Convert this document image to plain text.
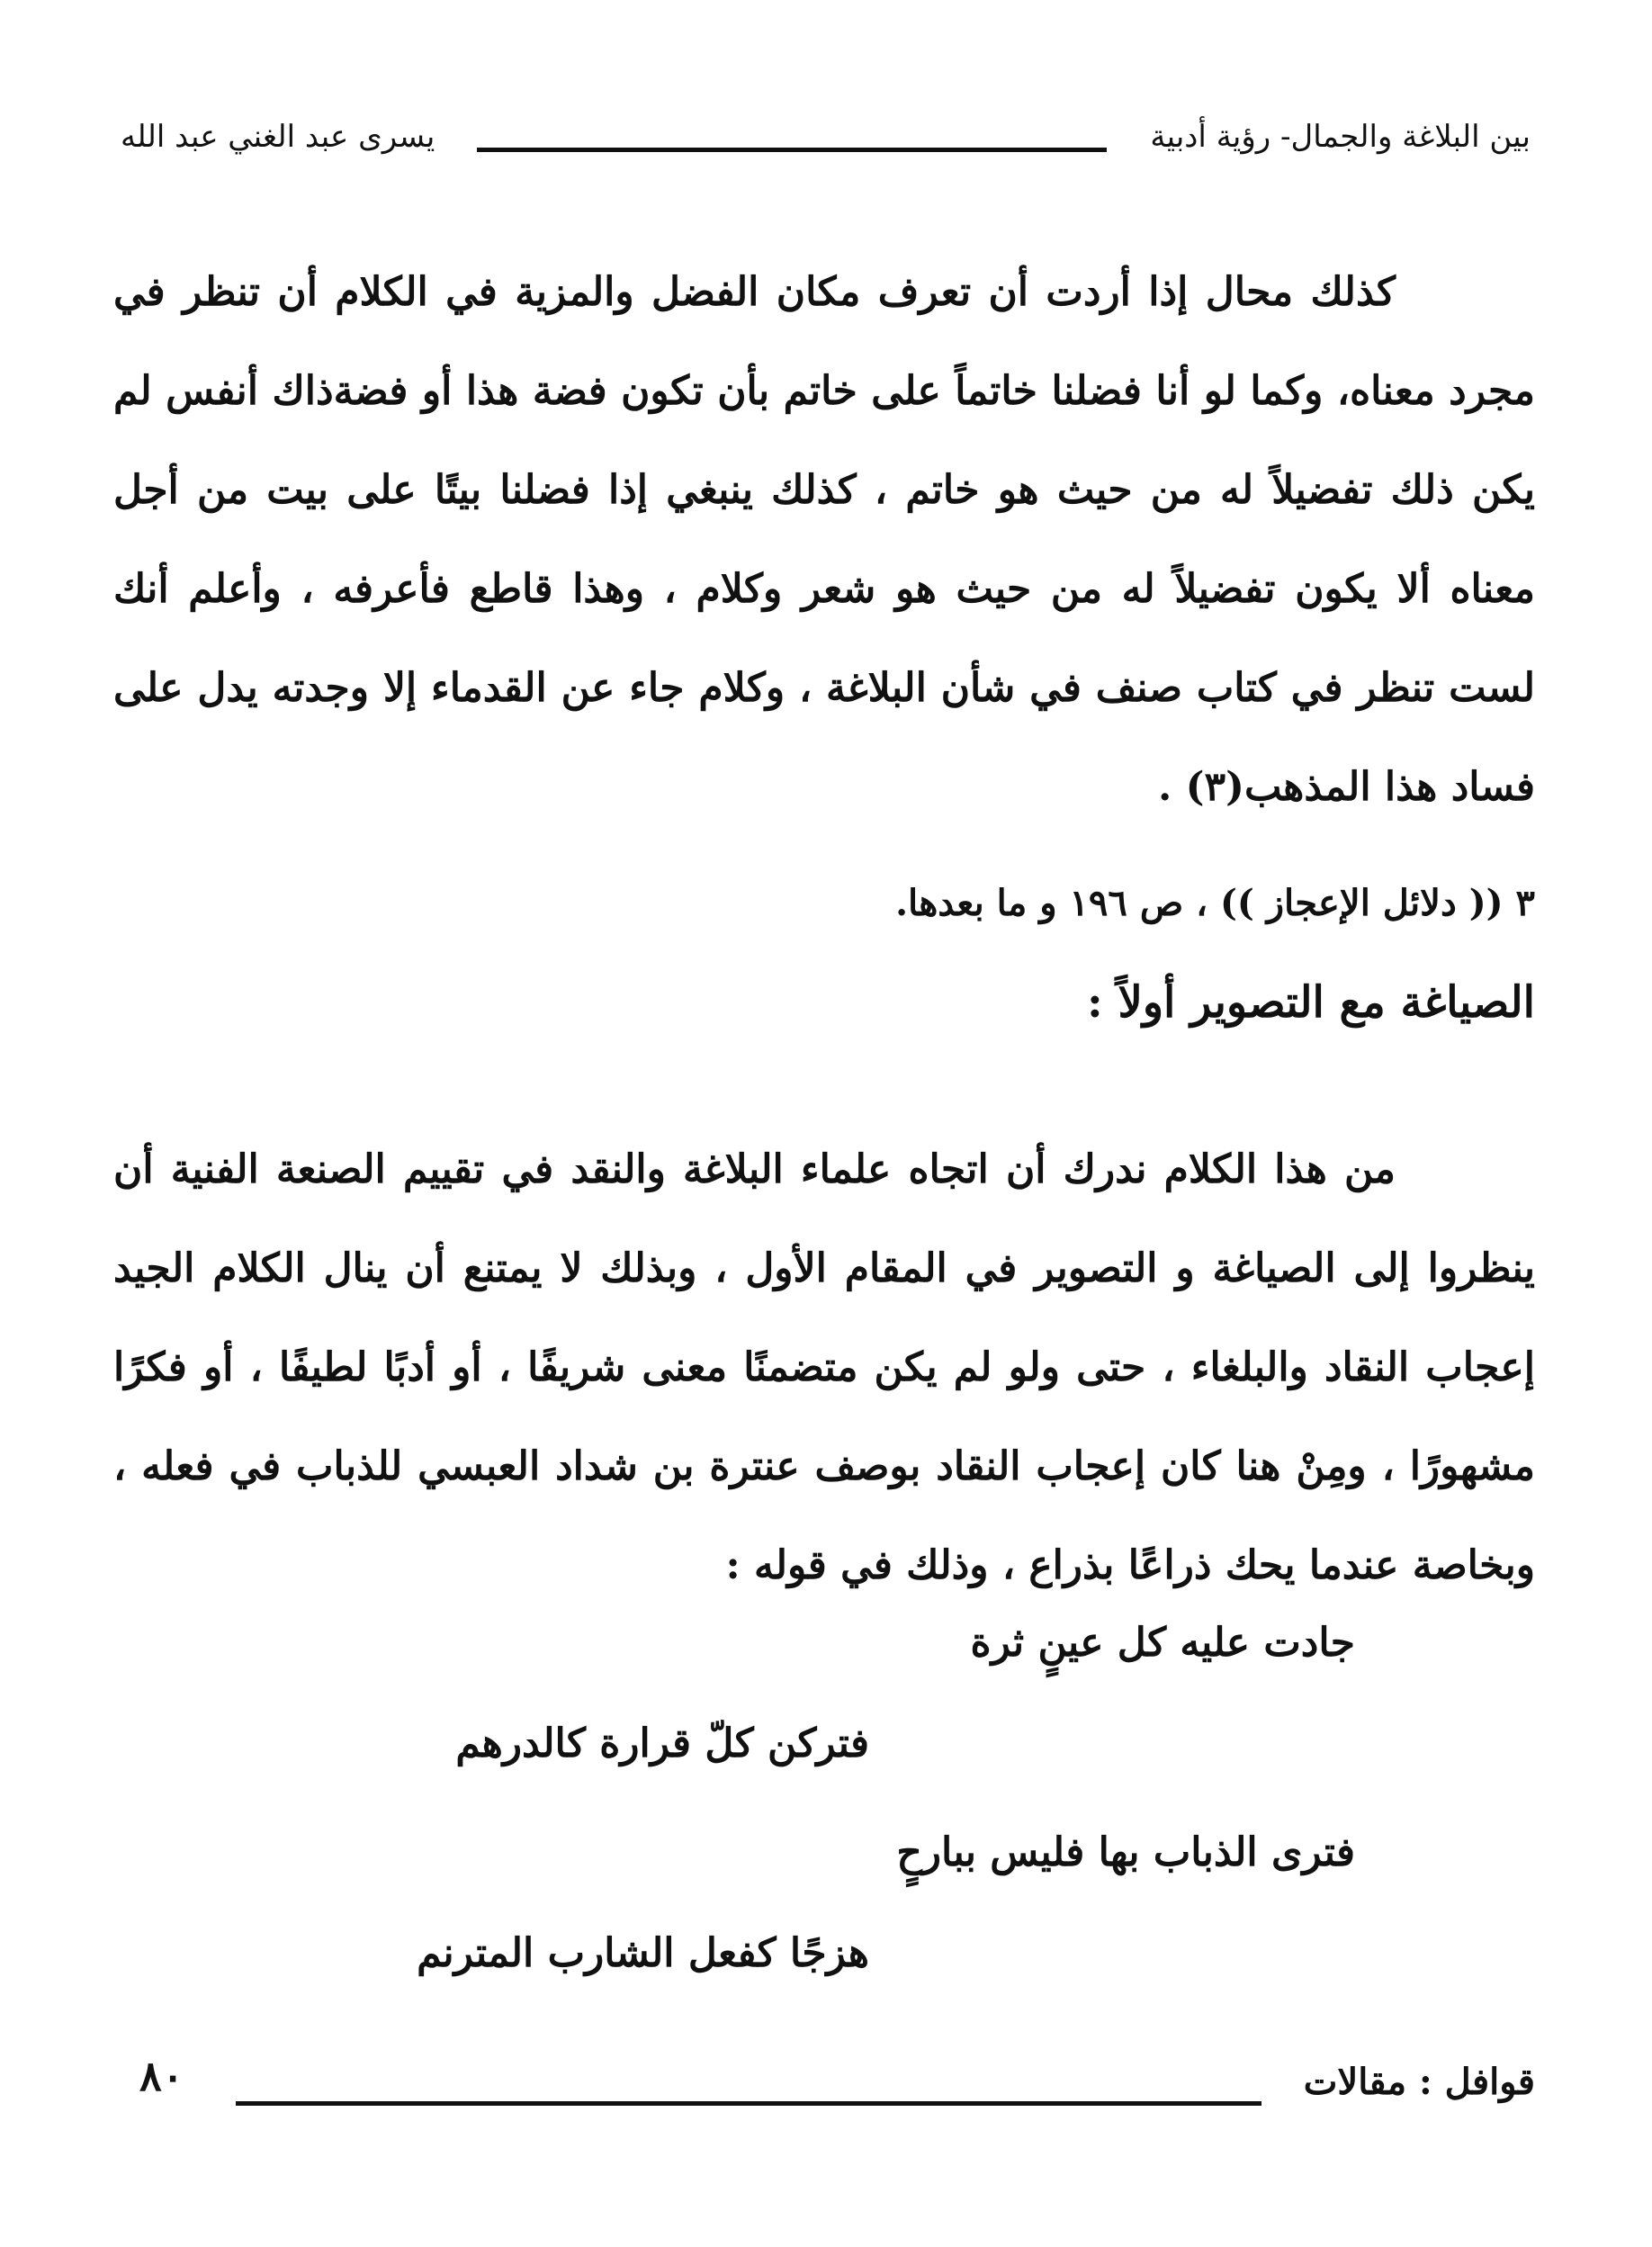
بين البلاغة والجمال- رؤية أدبية
يسرى عبد الغني عبد الله

كذلك محال إذا أردت أن تعرف مكان الفضل والمزية في الكلام أن تنظر في مجرد معناه، وكما لو أنا فضلنا خاتماً على خاتم بأن تكون فضة هذا أو فضةذاك أنفس لم يكن ذلك تفضيلاً له من حيث هو خاتم ، كذلك ينبغي إذا فضلنا بيتًا على بيت من أجل معناه ألا يكون تفضيلاً له من حيث هو شعر وكلام ، وهذا قاطع فأعرفه ، وأعلم أنك لست تنظر في كتاب صنف في شأن البلاغة ، وكلام جاء عن القدماء إلا وجدته يدل على فساد هذا المذهب(٣) .

٣ (( دلائل الإعجاز )) ، ص ١٩٦ و ما بعدها.
الصياغة مع التصوير أولاً :

من هذا الكلام ندرك أن اتجاه علماء البلاغة والنقد في تقييم الصنعة الفنية أن ينظروا إلى الصياغة و التصوير في المقام الأول ، وبذلك لا يمتنع أن ينال الكلام الجيد إعجاب النقاد والبلغاء ، حتى ولو لم يكن متضمنًا معنى شريفًا ، أو أدبًا لطيفًا ، أو فكرًا مشهورًا ، ومِنْ هنا كان إعجاب النقاد بوصف عنترة بن شداد العبسي للذباب في فعله ، وبخاصة عندما يحك ذراعًا بذراع ، وذلك في قوله :

جادت عليه كل عينٍ ثرة
فتركن كلّ قرارة كالدرهم
فترى الذباب بها فليس ببارحٍ
هزجًا كفعل الشارب المترنم
قوافل : مقالات
٨٠
